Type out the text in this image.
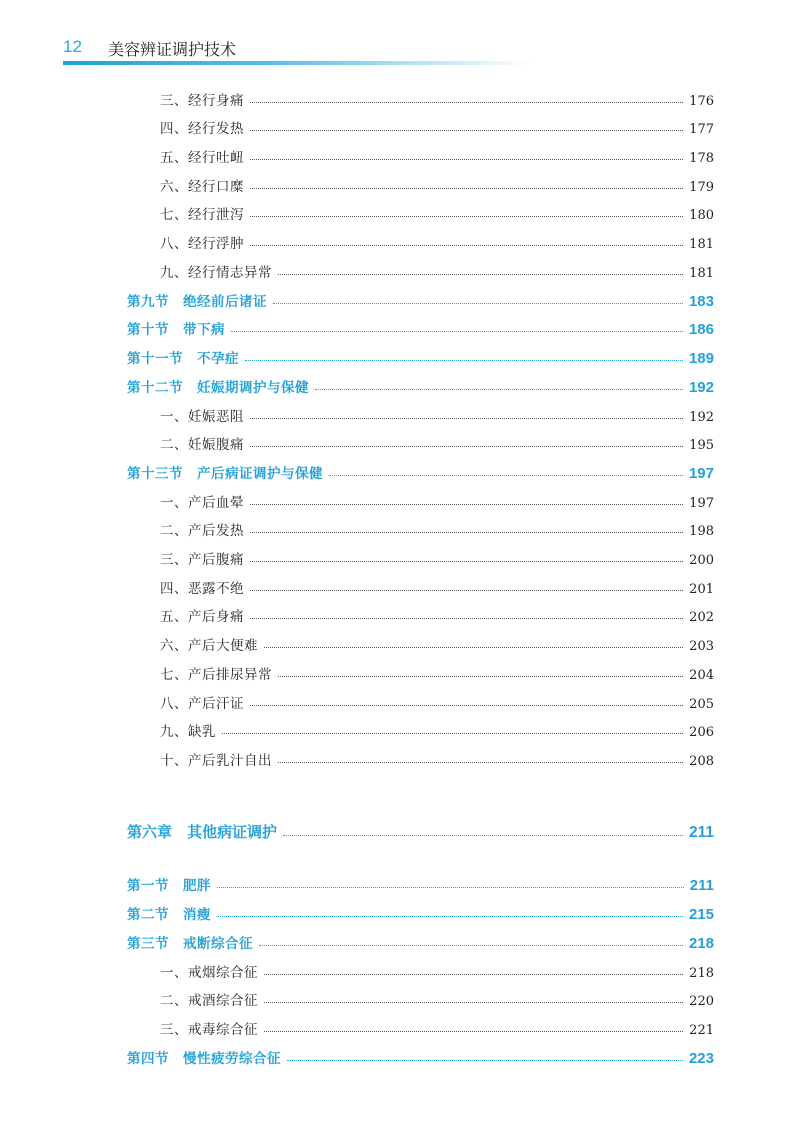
12 美容辨证调护技术
三、经行身痛	176
四、经行发热	177
五、经行吐衄	178
六、经行口糜	179
七、经行泄泻	180
八、经行浮肿	181
九、经行情志异常	181
第九节　绝经前后诸证	183
第十节　带下病	186
第十一节　不孕症	189
第十二节　妊娠期调护与保健	192
一、妊娠恶阻	192
二、妊娠腹痛	195
第十三节　产后病证调护与保健	197
一、产后血晕	197
二、产后发热	198
三、产后腹痛	200
四、恶露不绝	201
五、产后身痛	202
六、产后大便难	203
七、产后排尿异常	204
八、产后汗证	205
九、缺乳	206
十、产后乳汁自出	208
第六章　其他病证调护	211
第一节　肥胖	211
第二节　消瘦	215
第三节　戒断综合征	218
一、戒烟综合征	218
二、戒酒综合征	220
三、戒毒综合征	221
第四节　慢性疲劳综合征	223
